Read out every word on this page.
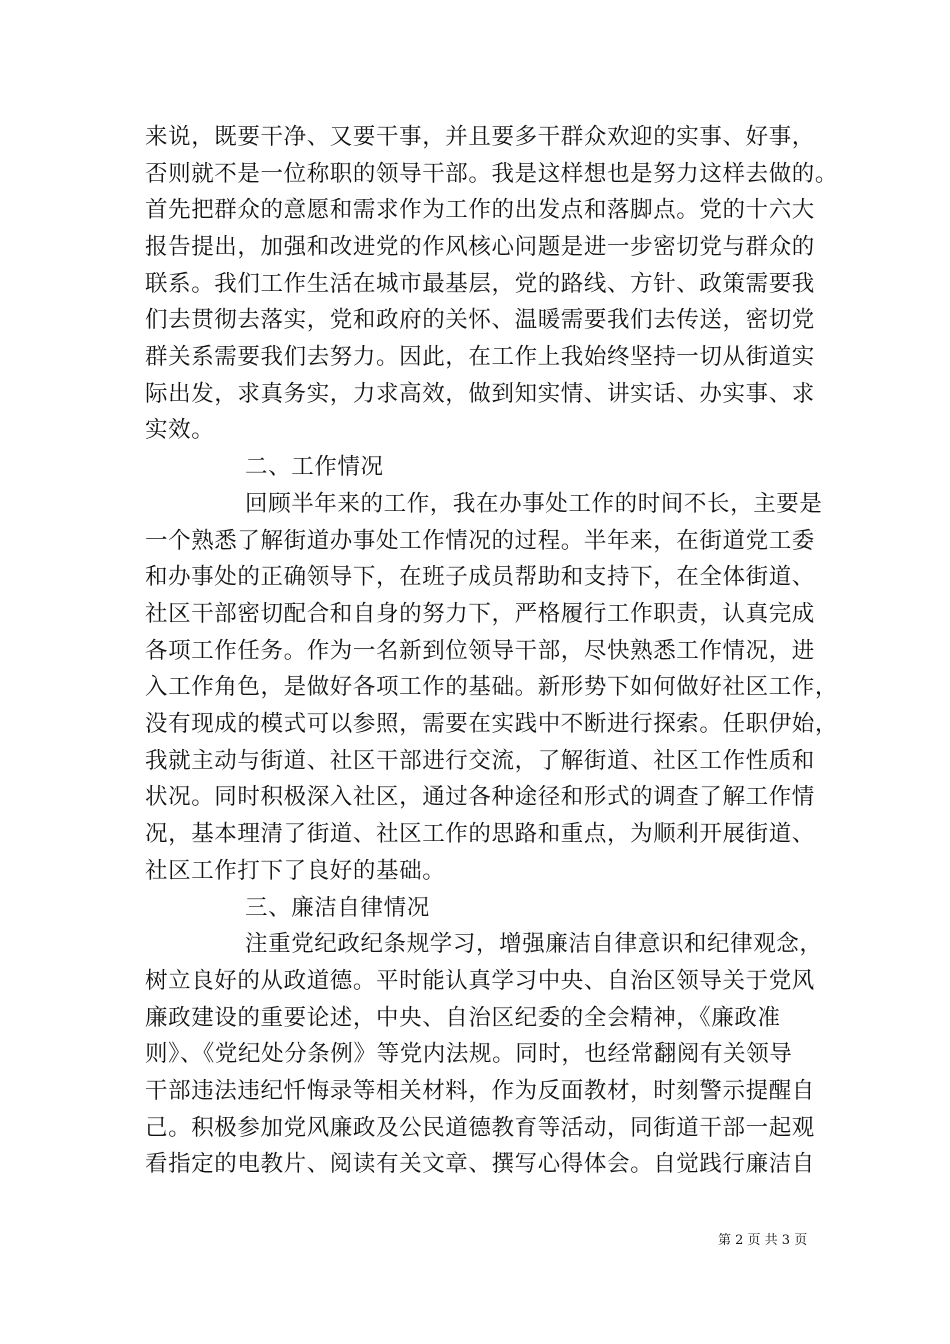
来说，既要干净、又要干事，并且要多干群众欢迎的实事、好事，
否则就不是一位称职的领导干部。我是这样想也是努力这样去做的。
首先把群众的意愿和需求作为工作的出发点和落脚点。党的十六大
报告提出，加强和改进党的作风核心问题是进一步密切党与群众的
联系。我们工作生活在城市最基层，党的路线、方针、政策需要我
们去贯彻去落实，党和政府的关怀、温暖需要我们去传送，密切党
群关系需要我们去努力。因此，在工作上我始终坚持一切从街道实
际出发，求真务实，力求高效，做到知实情、讲实话、办实事、求
实效。
二、工作情况
回顾半年来的工作，我在办事处工作的时间不长，主要是
一个熟悉了解街道办事处工作情况的过程。半年来，在街道党工委
和办事处的正确领导下，在班子成员帮助和支持下，在全体街道、
社区干部密切配合和自身的努力下，严格履行工作职责，认真完成
各项工作任务。作为一名新到位领导干部，尽快熟悉工作情况，进
入工作角色，是做好各项工作的基础。新形势下如何做好社区工作，
没有现成的模式可以参照，需要在实践中不断进行探索。任职伊始，
我就主动与街道、社区干部进行交流，了解街道、社区工作性质和
状况。同时积极深入社区，通过各种途径和形式的调查了解工作情
况，基本理清了街道、社区工作的思路和重点，为顺利开展街道、
社区工作打下了良好的基础。
三、廉洁自律情况
注重党纪政纪条规学习，增强廉洁自律意识和纪律观念，
树立良好的从政道德。平时能认真学习中央、自治区领导关于党风
廉政建设的重要论述，中央、自治区纪委的全会精神，《廉政准
则》、《党纪处分条例》等党内法规。同时，也经常翻阅有关领导
干部违法违纪忏悔录等相关材料，作为反面教材，时刻警示提醒自
己。积极参加党风廉政及公民道德教育等活动，同街道干部一起观
看指定的电教片、阅读有关文章、撰写心得体会。自觉践行廉洁自
第 2 页 共 3 页
